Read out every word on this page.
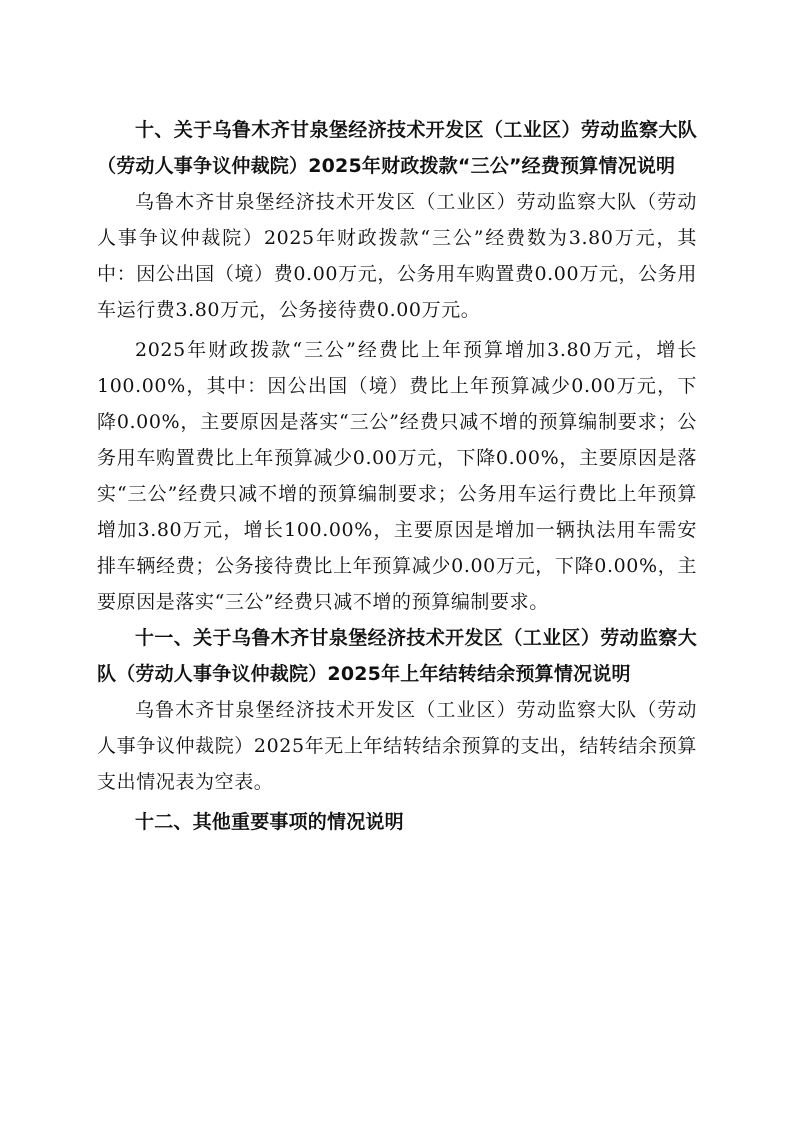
十、关于乌鲁木齐甘泉堡经济技术开发区（工业区）劳动监察大队（劳动人事争议仲裁院）2025年财政拨款“三公”经费预算情况说明

乌鲁木齐甘泉堡经济技术开发区（工业区）劳动监察大队（劳动人事争议仲裁院）2025年财政拨款“三公”经费数为3.80万元，其中：因公出国（境）费0.00万元，公务用车购置费0.00万元，公务用车运行费3.80万元，公务接待费0.00万元。

2025年财政拨款“三公”经费比上年预算增加3.80万元，增长100.00%，其中：因公出国（境）费比上年预算减少0.00万元，下降0.00%，主要原因是落实“三公”经费只减不增的预算编制要求；公务用车购置费比上年预算减少0.00万元，下降0.00%，主要原因是落实“三公”经费只减不增的预算编制要求；公务用车运行费比上年预算增加3.80万元，增长100.00%，主要原因是增加一辆执法用车需安排车辆经费；公务接待费比上年预算减少0.00万元，下降0.00%，主要原因是落实“三公”经费只减不增的预算编制要求。

十一、关于乌鲁木齐甘泉堡经济技术开发区（工业区）劳动监察大队（劳动人事争议仲裁院）2025年上年结转结余预算情况说明

乌鲁木齐甘泉堡经济技术开发区（工业区）劳动监察大队（劳动人事争议仲裁院）2025年无上年结转结余预算的支出，结转结余预算支出情况表为空表。

十二、其他重要事项的情况说明
